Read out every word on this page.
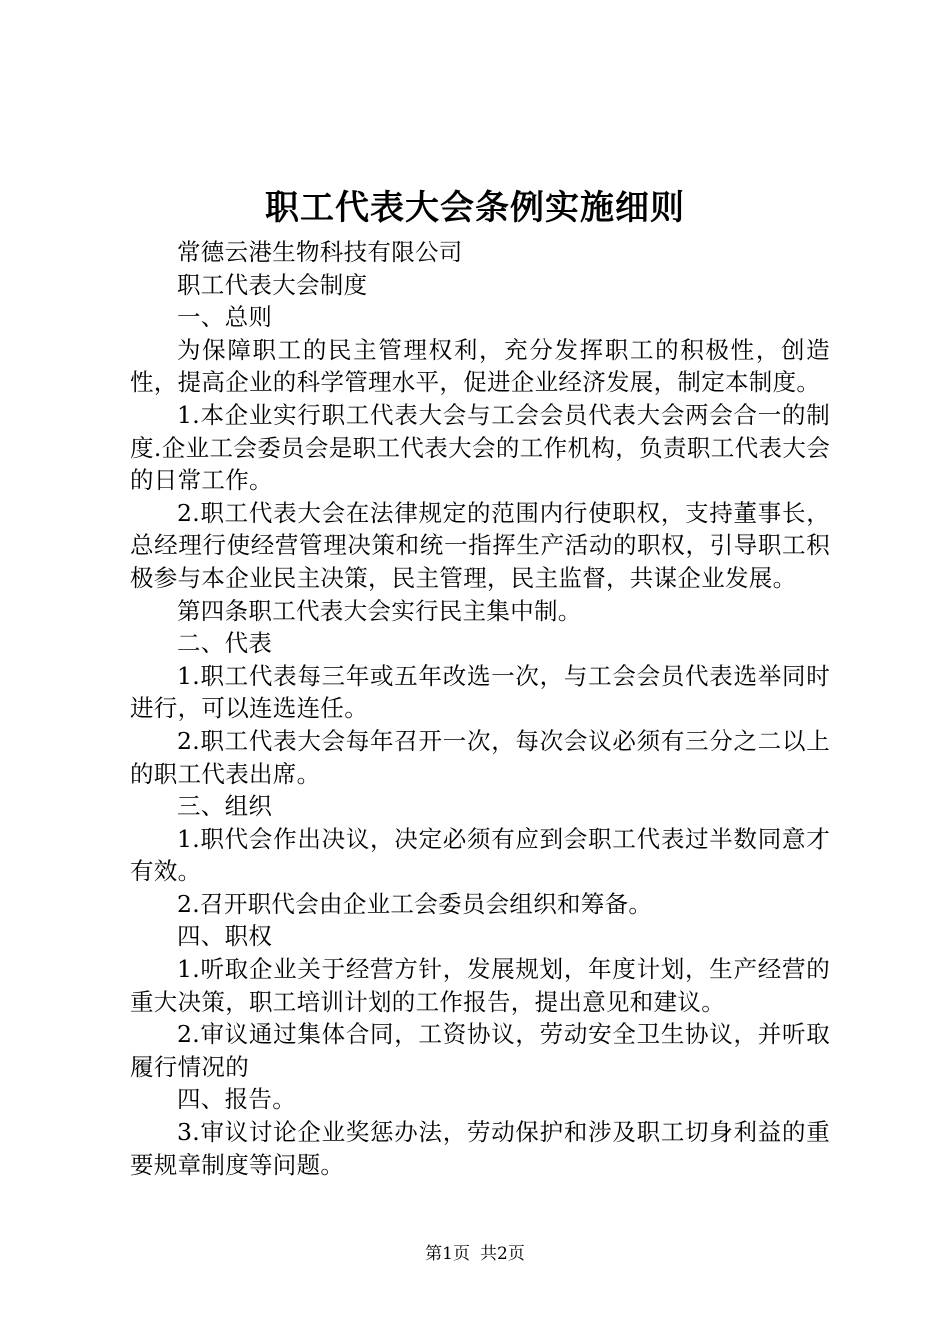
职工代表大会条例实施细则

常德云港生物科技有限公司

职工代表大会制度

一、总则

为保障职工的民主管理权利，充分发挥职工的积极性，创造性，提高企业的科学管理水平，促进企业经济发展，制定本制度。

1.本企业实行职工代表大会与工会会员代表大会两会合一的制度.企业工会委员会是职工代表大会的工作机构，负责职工代表大会的日常工作。

2.职工代表大会在法律规定的范围内行使职权，支持董事长，总经理行使经营管理决策和统一指挥生产活动的职权，引导职工积极参与本企业民主决策，民主管理，民主监督，共谋企业发展。

第四条职工代表大会实行民主集中制。

二、代表

1.职工代表每三年或五年改选一次，与工会会员代表选举同时进行，可以连选连任。

2.职工代表大会每年召开一次，每次会议必须有三分之二以上的职工代表出席。

三、组织

1.职代会作出决议，决定必须有应到会职工代表过半数同意才有效。

2.召开职代会由企业工会委员会组织和筹备。

四、职权

1.听取企业关于经营方针，发展规划，年度计划，生产经营的重大决策，职工培训计划的工作报告，提出意见和建议。

2.审议通过集体合同，工资协议，劳动安全卫生协议，并听取履行情况的

四、报告。

3.审议讨论企业奖惩办法，劳动保护和涉及职工切身利益的重要规章制度等问题。

第1页 共2页
